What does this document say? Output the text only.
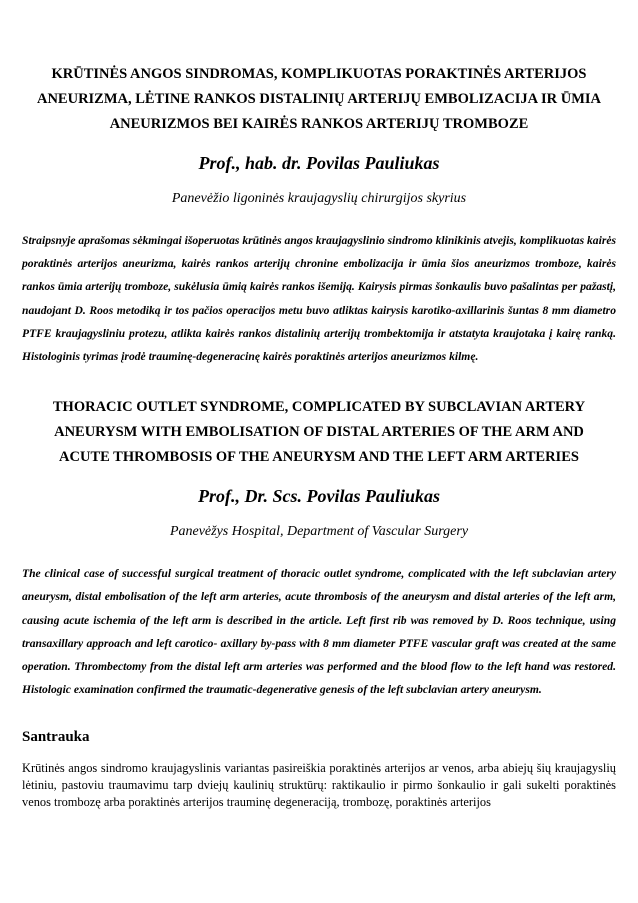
KRŪTINĖS ANGOS SINDROMAS, KOMPLIKUOTAS PORAKTINĖS ARTERIJOS ANEURIZMA, LĖTINE RANKOS DISTALINIŲ ARTERIJŲ EMBOLIZACIJA IR ŪMIA ANEURIZMOS BEI KAIRĖS RANKOS ARTERIJŲ TROMBOZE

Prof., hab. dr. Povilas Pauliukas

Panevėžio ligoninės kraujagyslių chirurgijos skyrius

Straipsnyje aprašomas sėkmingai išoperuotas krūtinės angos kraujagyslinio sindromo klinikinis atvejis, komplikuotas kairės poraktinės arterijos aneurizma, kairės rankos arterijų chronine embolizacija ir ūmia šios aneurizmos tromboze, kairės rankos ūmia arterijų tromboze, sukėlusia ūmią kairės rankos išemiją. Kairysis pirmas šonkaulis buvo pašalintas per pažastį, naudojant D. Roos metodiką ir tos pačios operacijos metu buvo atliktas kairysis karotiko-axillarinis šuntas 8 mm diametro PTFE kraujagysliniu protezu, atlikta kairės rankos distalinių arterijų trombektomija ir atstatyta kraujotaka į kairę ranką. Histologinis tyrimas įrodė trauminę-degeneracinę kairės poraktinės arterijos aneurizmos kilmę.

THORACIC OUTLET SYNDROME, COMPLICATED BY SUBCLAVIAN ARTERY ANEURYSM WITH EMBOLISATION OF DISTAL ARTERIES OF THE ARM AND ACUTE THROMBOSIS OF THE ANEURYSM AND THE LEFT ARM ARTERIES

Prof., Dr. Scs. Povilas Pauliukas

Panevėžys Hospital, Department of Vascular Surgery

The clinical case of successful surgical treatment of thoracic outlet syndrome, complicated with the left subclavian artery aneurysm, distal embolisation of the left arm arteries, acute thrombosis of the aneurysm and distal arteries of the left arm, causing acute ischemia of the left arm is described in the article. Left first rib was removed by D. Roos technique, using transaxillary approach and left carotico- axillary by-pass with 8 mm diameter PTFE vascular graft was created at the same operation. Thrombectomy from the distal left arm arteries was performed and the blood flow to the left hand was restored. Histologic examination confirmed the traumatic-degenerative genesis of the left subclavian artery aneurysm.

Santrauka

Krūtinės angos sindromo kraujagyslinis variantas pasireiškia poraktinės arterijos ar venos, arba abiejų šių kraujagyslių lėtiniu, pastoviu traumavimu tarp dviejų kaulinių struktūrų: raktikaulio ir pirmo šonkaulio ir gali sukelti poraktinės venos trombozę arba poraktinės arterijos trauminę degeneraciją, trombozę, poraktinės arterijos
